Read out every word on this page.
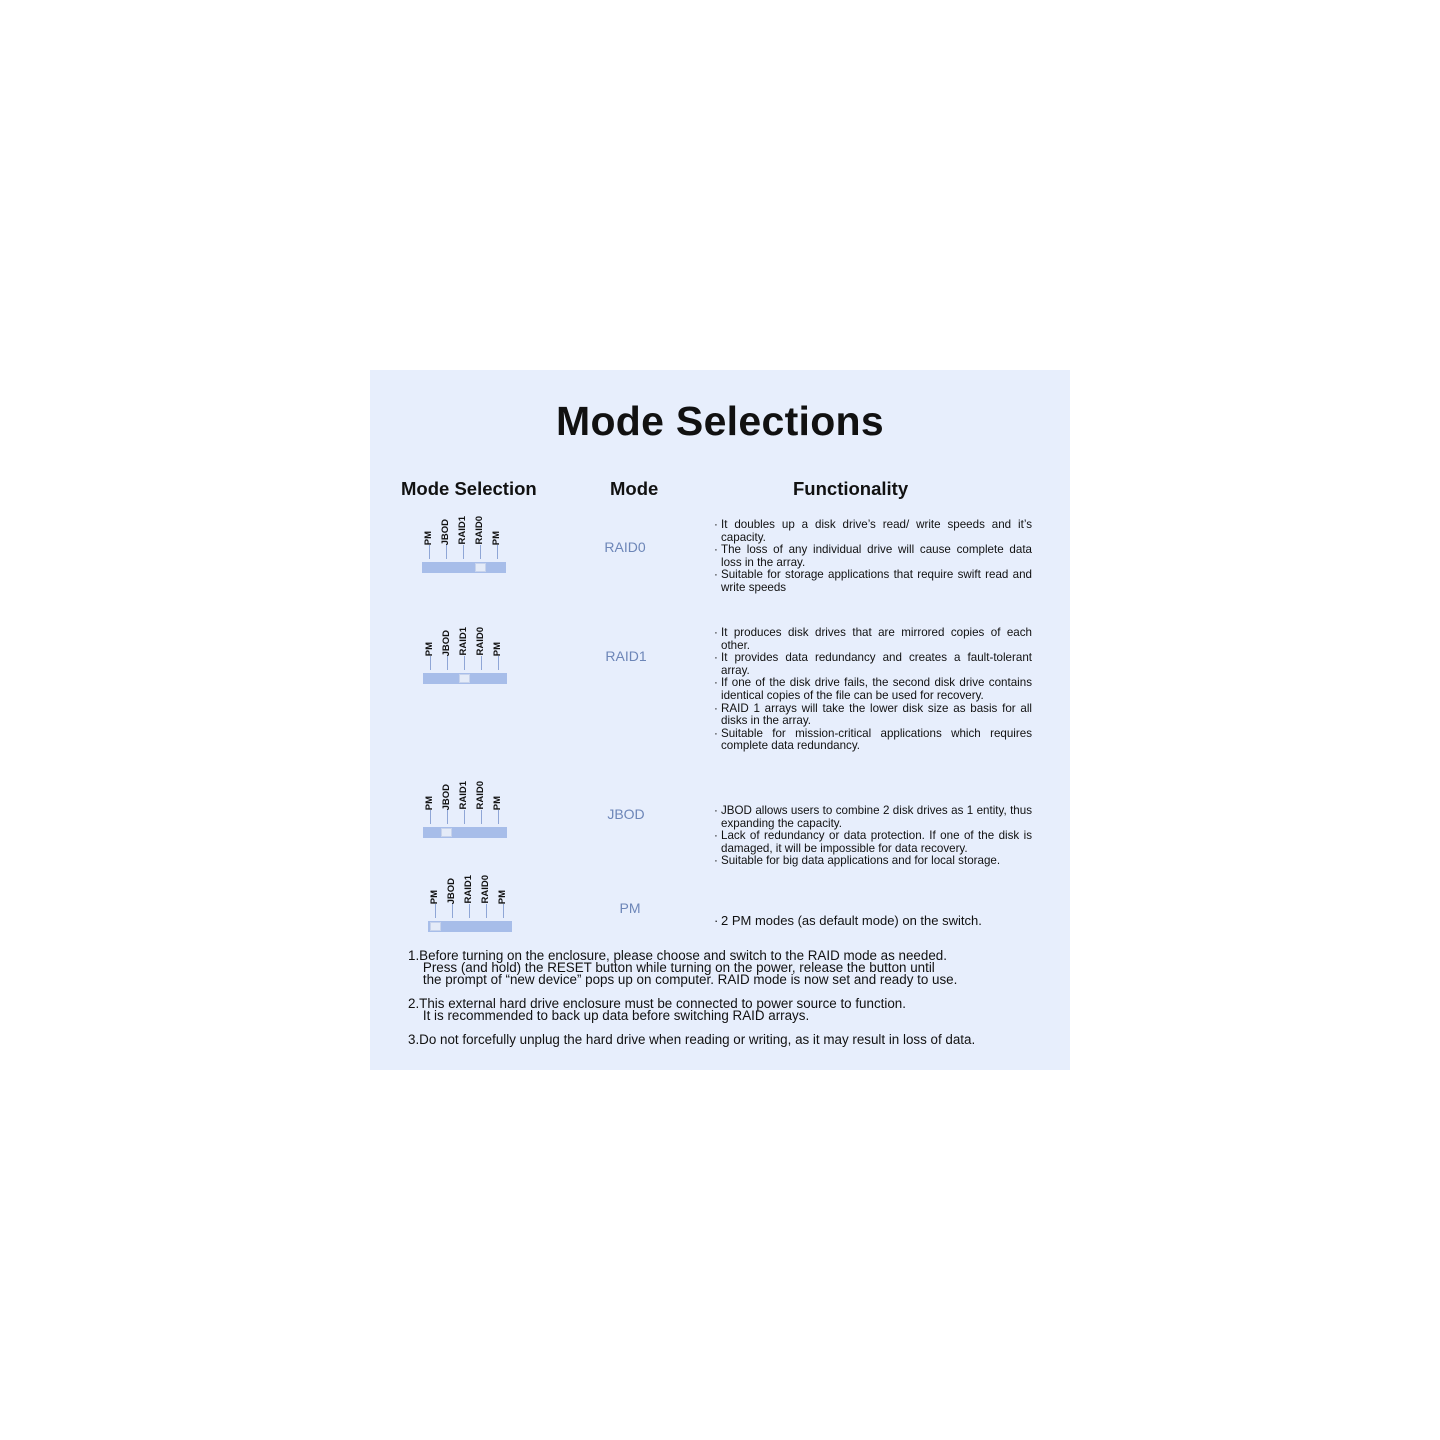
Mode Selections
Mode Selection	Mode	Functionality
PM JBOD RAID1 RAID0 PM
RAID0

· It doubles up a disk drive’s read/ write speeds and it’s capacity.

· The loss of any individual drive will cause complete data loss in the array.

· Suitable for storage applications that require swift read and write speeds

PM JBOD RAID1 RAID0 PM	RAID1

· It produces disk drives that are mirrored copies of each other.

· It provides data redundancy and creates a fault-tolerant array.

· If one of the disk drive fails, the second disk drive contains identical copies of the file can be used for recovery.

· RAID 1 arrays will take the lower disk size as basis for all disks in the array.

· Suitable for mission-critical applications which requires complete data redundancy.

PM JBOD RAID1 RAID0 PM
JBOD

·	JBOD allows users to combine 2 disk drives as 1 entity, thus expanding the capacity.

· Lack of redundancy or data protection. If one of the disk is damaged, it will be impossible for data recovery.

· Suitable for big data applications and for local storage.

PM JBOD RAID1 RAID0 PM
PM

· 2 PM modes (as default mode) on the switch.

1. Before turning on the enclosure, please choose and switch to the RAID mode as needed.
Press (and hold) the RESET button while turning on the power, release the button until
the prompt of “new device” pops up on computer. RAID mode is now set and ready to use.
2. This external hard drive enclosure must be connected to power source to function.
It is recommended to back up data before switching RAID arrays.
3. Do not forcefully unplug the hard drive when reading or writing, as it may result in loss of data.
